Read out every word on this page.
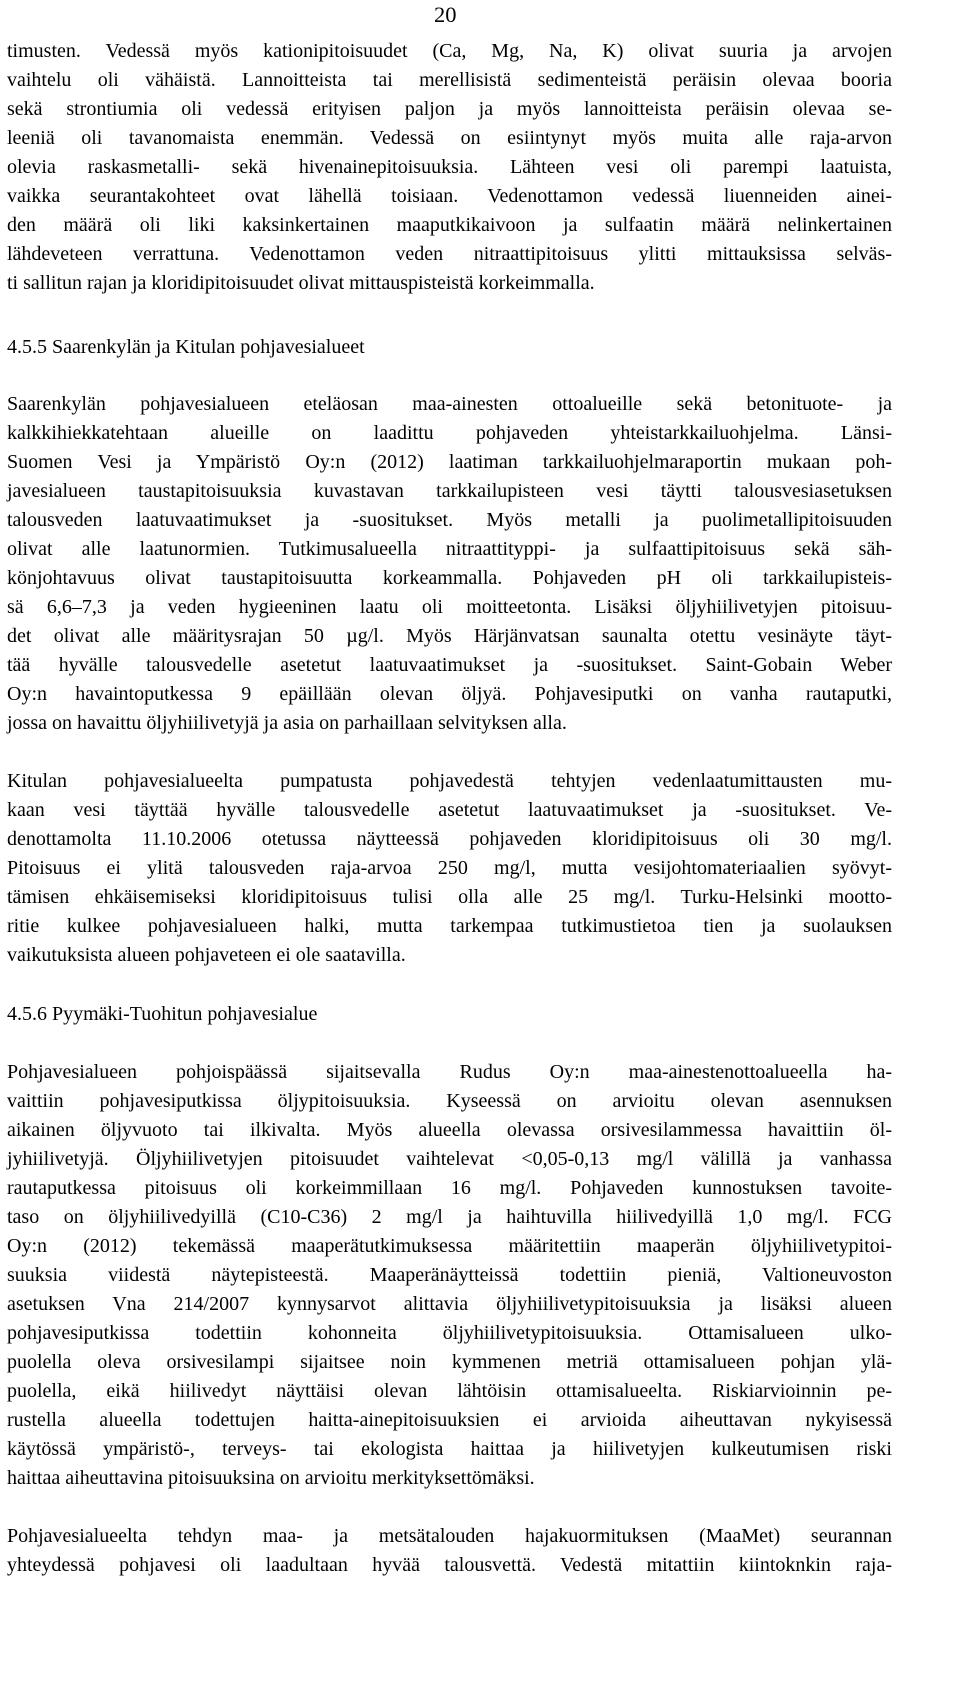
20
timusten. Vedessä myös kationipitoisuudet (Ca, Mg, Na, K) olivat suuria ja arvojen
vaihtelu oli vähäistä. Lannoitteista tai merellisistä sedimenteistä peräisin olevaa booria
sekä strontiumia oli vedessä erityisen paljon ja myös lannoitteista peräisin olevaa se-
leeniä oli tavanomaista enemmän. Vedessä on esiintynyt myös muita alle raja-arvon
olevia raskasmetalli- sekä hivenainepitoisuuksia. Lähteen vesi oli parempi laatuista,
vaikka seurantakohteet ovat lähellä toisiaan. Vedenottamon vedessä liuenneiden ainei-
den määrä oli liki kaksinkertainen maaputkikaivoon ja sulfaatin määrä nelinkertainen
lähdeveteen verrattuna. Vedenottamon veden nitraattipitoisuus ylitti mittauksissa selväs-
ti sallitun rajan ja kloridipitoisuudet olivat mittauspisteistä korkeimmalla.
4.5.5 Saarenkylän ja Kitulan pohjavesialueet
Saarenkylän pohjavesialueen eteläosan maa-ainesten ottoalueille sekä betonituote- ja
kalkkihiekkatehtaan alueille on laadittu pohjaveden yhteistarkkailuohjelma. Länsi-
Suomen Vesi ja Ympäristö Oy:n (2012) laatiman tarkkailuohjelmaraportin mukaan poh-
javesialueen taustapitoisuuksia kuvastavan tarkkailupisteen vesi täytti talousvesiasetuksen
talousveden laatuvaatimukset ja -suositukset. Myös metalli ja puolimetallipitoisuuden
olivat alle laatunormien. Tutkimusalueella nitraattityppi- ja sulfaattipitoisuus sekä säh-
könjohtavuus olivat taustapitoisuutta korkeammalla. Pohjaveden pH oli tarkkailupisteis-
sä 6,6–7,3 ja veden hygieeninen laatu oli moitteetonta. Lisäksi öljyhiilivetyjen pitoisuu-
det olivat alle määritysrajan 50 µg/l. Myös Härjänvatsan saunalta otettu vesinäyte täyt-
tää hyvälle talousvedelle asetetut laatuvaatimukset ja -suositukset. Saint-Gobain Weber
Oy:n havaintoputkessa 9 epäillään olevan öljyä. Pohjavesiputki on vanha rautaputki,
jossa on havaittu öljyhiilivetyjä ja asia on parhaillaan selvityksen alla.
Kitulan pohjavesialueelta pumpatusta pohjavedestä tehtyjen vedenlaatumittausten mu-
kaan vesi täyttää hyvälle talousvedelle asetetut laatuvaatimukset ja -suositukset. Ve-
denottamolta 11.10.2006 otetussa näytteessä pohjaveden kloridipitoisuus oli 30 mg/l.
Pitoisuus ei ylitä talousveden raja-arvoa 250 mg/l, mutta vesijohtomateriaalien syövyt-
tämisen ehkäisemiseksi kloridipitoisuus tulisi olla alle 25 mg/l. Turku-Helsinki mootto-
ritie kulkee pohjavesialueen halki, mutta tarkempaa tutkimustietoa tien ja suolauksen
vaikutuksista alueen pohjaveteen ei ole saatavilla.
4.5.6 Pyymäki-Tuohitun pohjavesialue
Pohjavesialueen pohjoispäässä sijaitsevalla Rudus Oy:n maa-ainestenottoalueella ha-
vaittiin pohjavesiputkissa öljypitoisuuksia. Kyseessä on arvioitu olevan asennuksen
aikainen öljyvuoto tai ilkivalta. Myös alueella olevassa orsivesilammessa havaittiin öl-
jyhiilivetyjä. Öljyhiilivetyjen pitoisuudet vaihtelevat <0,05-0,13 mg/l välillä ja vanhassa
rautaputkessa pitoisuus oli korkeimmillaan 16 mg/l. Pohjaveden kunnostuksen tavoite-
taso on öljyhiilivedyillä (C10-C36) 2 mg/l ja haihtuvilla hiilivedyillä 1,0 mg/l. FCG
Oy:n (2012) tekemässä maaperätutkimuksessa määritettiin maaperän öljyhiilivetypitoi-
suuksia viidestä näytepisteestä. Maaperänäytteissä todettiin pieniä, Valtioneuvoston
asetuksen Vna 214/2007 kynnysarvot alittavia öljyhiilivetypitoisuuksia ja lisäksi alueen
pohjavesiputkissa todettiin kohonneita öljyhiilivetypitoisuuksia. Ottamisalueen ulko-
puolella oleva orsivesilampi sijaitsee noin kymmenen metriä ottamisalueen pohjan ylä-
puolella, eikä hiilivedyt näyttäisi olevan lähtöisin ottamisalueelta. Riskiarvioinnin pe-
rustella alueella todettujen haitta-ainepitoisuuksien ei arvioida aiheuttavan nykyisessä
käytössä ympäristö-, terveys- tai ekologista haittaa ja hiilivetyjen kulkeutumisen riski
haittaa aiheuttavina pitoisuuksina on arvioitu merkityksettömäksi.
Pohjavesialueelta tehdyn maa- ja metsätalouden hajakuormituksen (MaaMet) seurannan
yhteydessä pohjavesi oli laadultaan hyvää talousvettä. Vedestä mitattiin kiintoknkin raja-
